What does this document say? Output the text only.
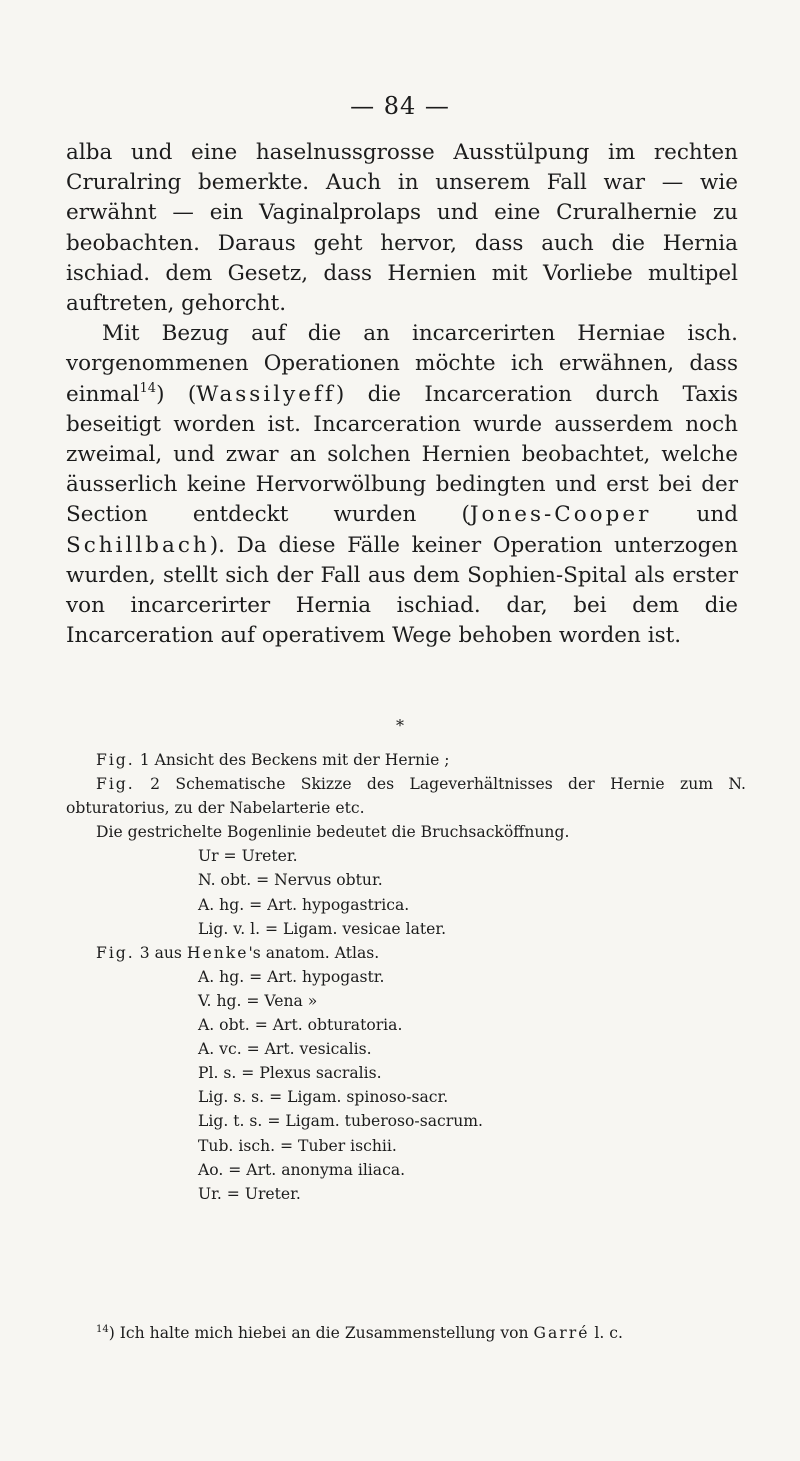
— 84 —

alba und eine haselnussgrosse Ausstülpung im rechten Cruralring bemerkte. Auch in unserem Fall war — wie erwähnt — ein Vaginalprolaps und eine Cruralhernie zu beobachten. Daraus geht hervor, dass auch die Hernia ischiad. dem Gesetz, dass Hernien mit Vorliebe multipel auftreten, gehorcht.

Mit Bezug auf die an incarcerirten Herniae isch. vorgenommenen Operationen möchte ich erwähnen, dass einmal$^{14}$) (Wassilyeff) die Incarceration durch Taxis beseitigt worden ist. Incarceration wurde ausserdem noch zweimal, und zwar an solchen Hernien beobachtet, welche äusserlich keine Hervorwölbung bedingten und erst bei der Section entdeckt wurden (Jones-Cooper und Schillbach). Da diese Fälle keiner Operation unterzogen wurden, stellt sich der Fall aus dem Sophien-Spital als erster von incarcerirter Hernia ischiad. dar, bei dem die Incarceration auf operativem Wege behoben worden ist.

*

Fig. 1 Ansicht des Beckens mit der Hernie ;

Fig. 2 Schematische Skizze des Lageverhältnisses der Hernie zum N. obturatorius, zu der Nabelarterie etc.

Die gestrichelte Bogenlinie bedeutet die Bruchsacköffnung.

Ur = Ureter.

N. obt. = Nervus obtur.

A. hg. = Art. hypogastrica.

Lig. v. l. = Ligam. vesicae later.

Fig. 3 aus Henke's anatom. Atlas.

A. hg. = Art. hypogastr.

V. hg. = Vena »

A. obt. = Art. obturatoria.

A. vc. = Art. vesicalis.

Pl. s. = Plexus sacralis.

Lig. s. s. = Ligam. spinoso-sacr.

Lig. t. s. = Ligam. tuberoso-sacrum.

Tub. isch. = Tuber ischii.

Ao. = Art. anonyma iliaca.

Ur. = Ureter.

$^{14}$) Ich halte mich hiebei an die Zusammenstellung von Garré l. c.
